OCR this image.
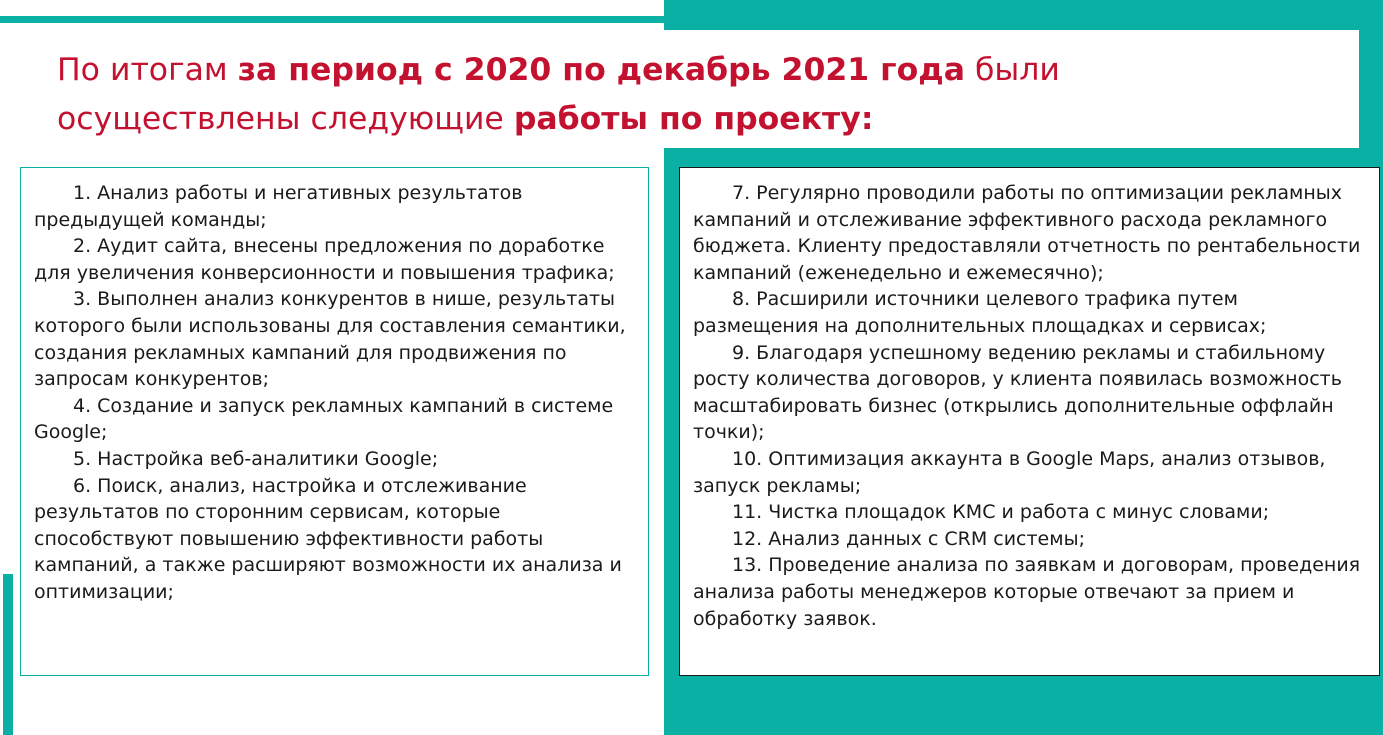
По итогам за период с 2020 по декабрь 2021 года были
осуществлены следующие работы по проекту:

1. Анализ работы и негативных результатов предыдущей команды;

2. Аудит сайта, внесены предложения по доработке для увеличения конверсионности и повышения трафика;

3. Выполнен анализ конкурентов в нише, результаты которого были использованы для составления семантики, создания рекламных кампаний для продвижения по запросам конкурентов;

4. Создание и запуск рекламных кампаний в системе Google;

5. Настройка веб-аналитики Google;

6. Поиск, анализ, настройка и отслеживание результатов по сторонним сервисам, которые способствуют повышению эффективности работы кампаний, а также расширяют возможности их анализа и оптимизации;

7. Регулярно проводили работы по оптимизации рекламных кампаний и отслеживание эффективного расхода рекламного бюджета. Клиенту предоставляли отчетность по рентабельности кампаний (еженедельно и ежемесячно);

8. Расширили источники целевого трафика путем размещения на дополнительных площадках и сервисах;

9. Благодаря успешному ведению рекламы и стабильному росту количества договоров, у клиента появилась возможность масштабировать бизнес (открылись дополнительные оффлайн точки);

10. Оптимизация аккаунта в Google Maps, анализ отзывов, запуск рекламы;

11. Чистка площадок КМС и работа с минус словами;

12. Анализ данных с CRM системы;

13. Проведение анализа по заявкам и договорам, проведения анализа работы менеджеров которые отвечают за прием и обработку заявок.
